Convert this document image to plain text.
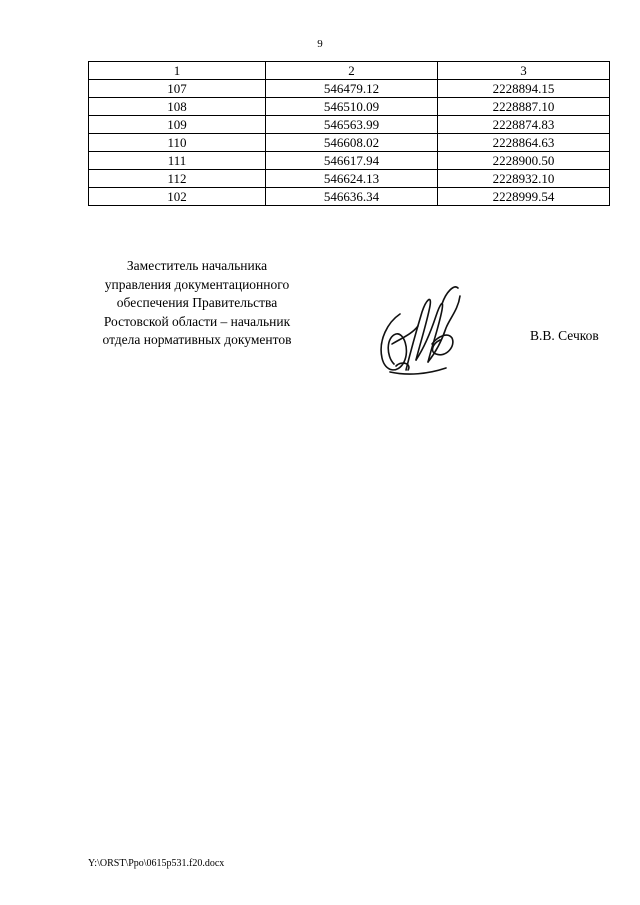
9
1	2	3
107	546479.12	2228894.15
108	546510.09	2228887.10
109	546563.99	2228874.83
110	546608.02	2228864.63
111	546617.94	2228900.50
112	546624.13	2228932.10
102	546636.34	2228999.54
Заместитель начальника
управления документационного
обеспечения Правительства
Ростовской области – начальник
отдела нормативных документов	В.В. Сечков
Y:\ORST\Ppo\0615p531.f20.docx
